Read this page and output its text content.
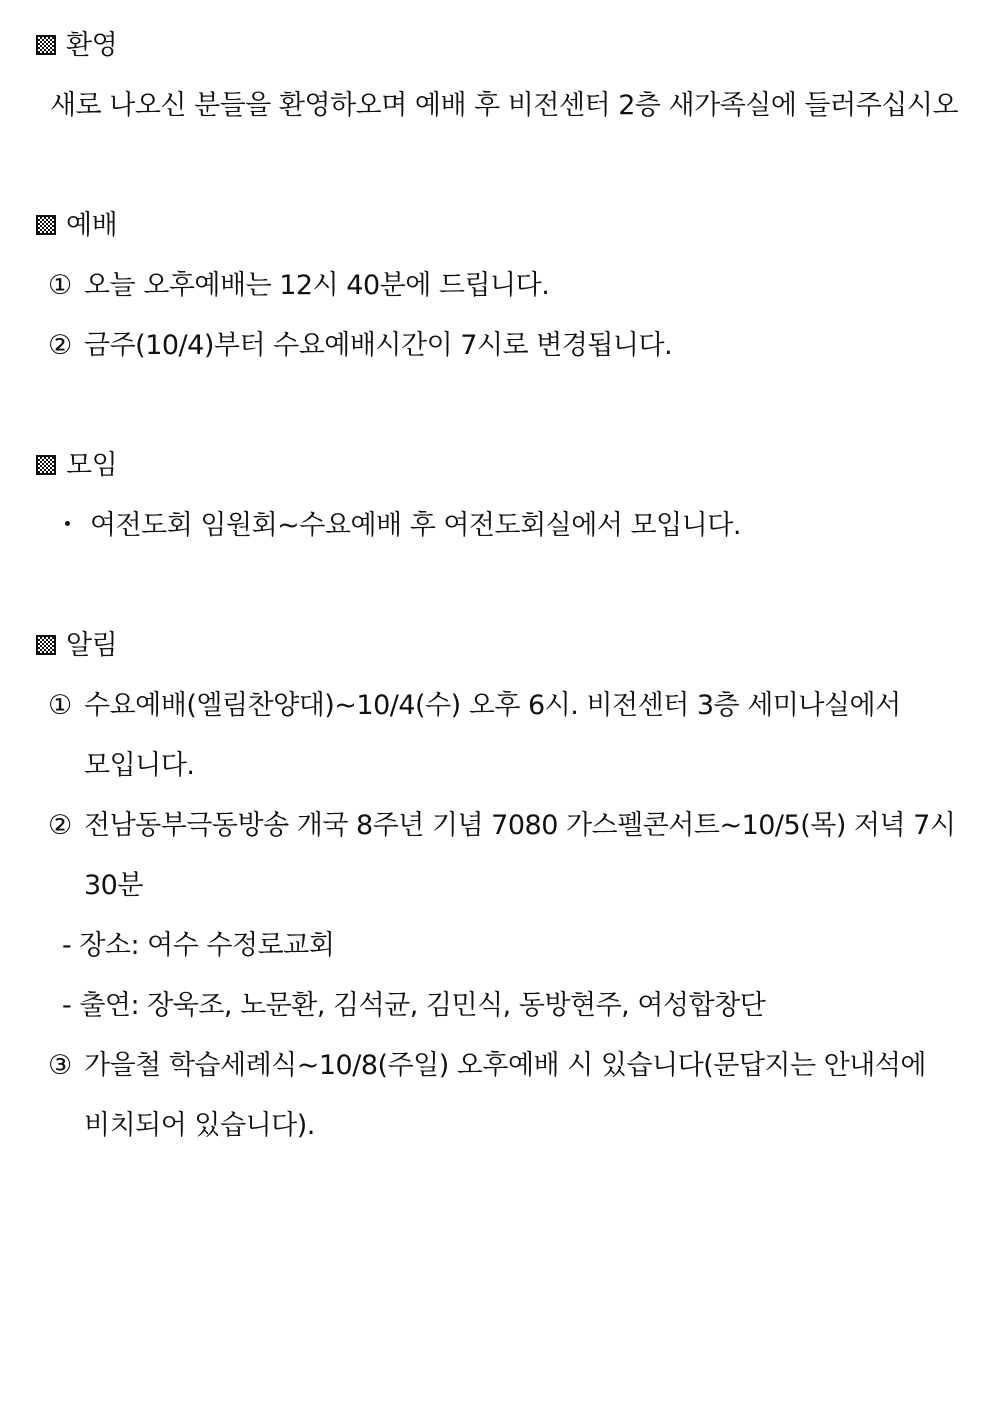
환영
새로 나오신 분들을 환영하오며 예배 후 비전센터 2층 새가족실에 들러주십시오
예배
① 오늘 오후예배는 12시 40분에 드립니다.
② 금주(10/4)부터 수요예배시간이 7시로 변경됩니다.
모임
・ 여전도회 임원회~수요예배 후 여전도회실에서 모입니다.
알림
① 수요예배(엘림찬양대)~10/4(수) 오후 6시. 비전센터 3층 세미나실에서
모입니다.
② 전남동부극동방송 개국 8주년 기념 7080 가스펠콘서트~10/5(목) 저녁 7시
30분
- 장소: 여수 수정로교회
- 출연: 장욱조, 노문환, 김석균, 김민식, 동방현주, 여성합창단
③ 가을철 학습세례식~10/8(주일) 오후예배 시 있습니다(문답지는 안내석에
비치되어 있습니다).
